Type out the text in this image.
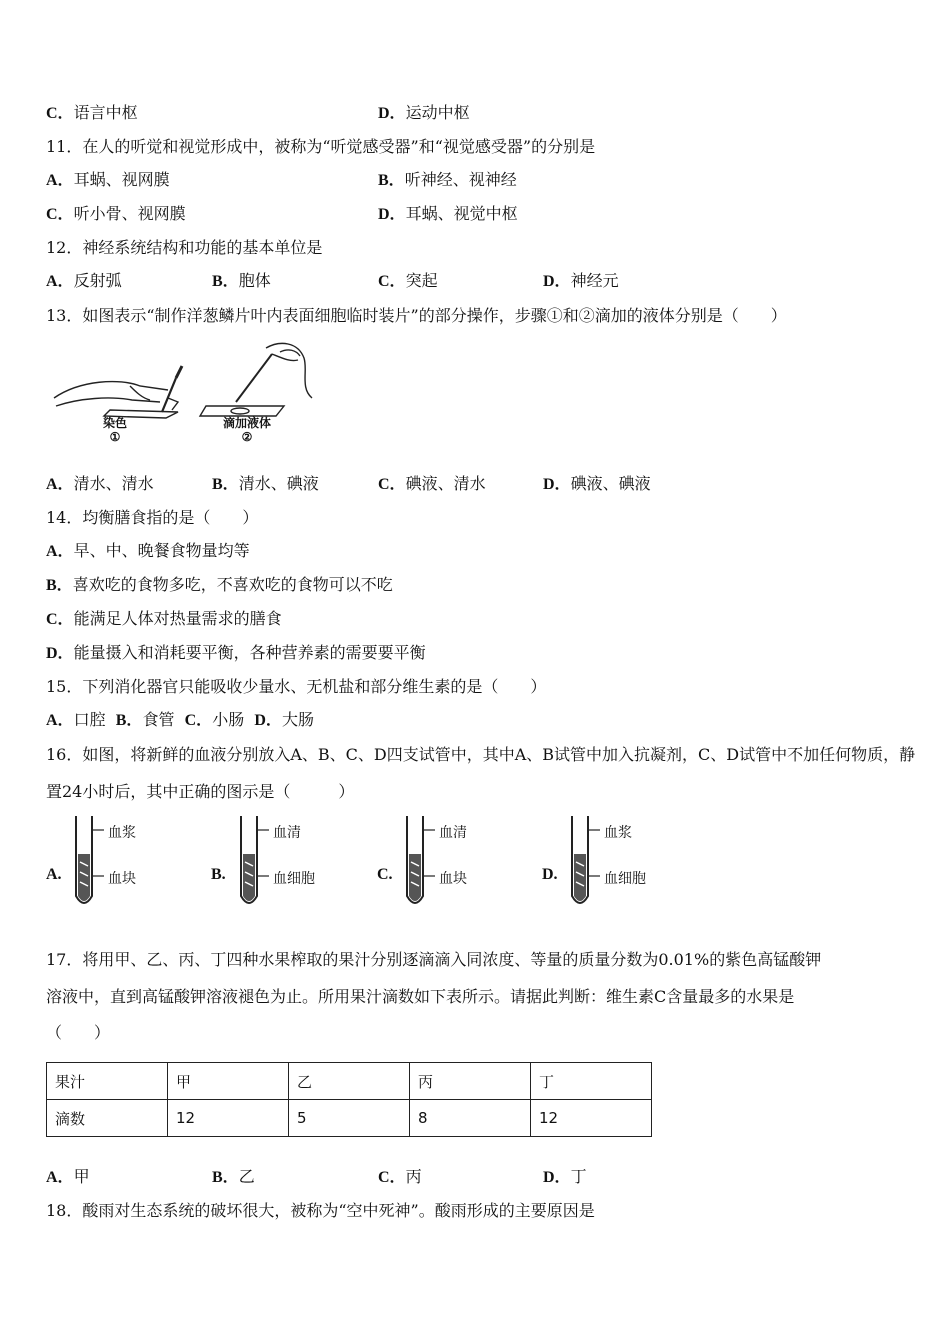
C．语言中枢	D．运动中枢
11．在人的听觉和视觉形成中，被称为“听觉感受器”和“视觉感受器”的分别是
A．耳蜗、视网膜	B．听神经、视神经
C．听小骨、视网膜	D．耳蜗、视觉中枢
12．神经系统结构和功能的基本单位是
A．反射弧	B．胞体	C．突起	D．神经元
13．如图表示“制作洋葱鳞片叶内表面细胞临时装片”的部分操作，步骤①和②滴加的液体分别是（　　）
染色
①
滴加液体
②
A．清水、清水	B．清水、碘液	C．碘液、清水	D．碘液、碘液
14．均衡膳食指的是（　　）
A．早、中、晚餐食物量均等
B．喜欢吃的食物多吃，不喜欢吃的食物可以不吃
C．能满足人体对热量需求的膳食
D．能量摄入和消耗要平衡，各种营养素的需要要平衡
15．下列消化器官只能吸收少量水、无机盐和部分维生素的是（　　）
A．口腔 B．食管 C．小肠 D．大肠
16．如图，将新鲜的血液分别放入A、B、C、D四支试管中，其中A、B试管中加入抗凝剂，C、D试管中不加任何物质，静
置24小时后，其中正确的图示是（　　　）
A.
血浆
血块	B.
血清
血细胞	C.
血清
血块	D.
血浆
血细胞
17．将用甲、乙、丙、丁四种水果榨取的果汁分别逐滴滴入同浓度、等量的质量分数为0.01%的紫色高锰酸钾
溶液中，直到高锰酸钾溶液褪色为止。所用果汁滴数如下表所示。请据此判断：维生素C含量最多的水果是
（　　）
果汁	甲	乙	丙	丁
滴数	12	5	8	12
A．甲	B．乙	C．丙	D．丁
18．酸雨对生态系统的破坏很大，被称为“空中死神”。酸雨形成的主要原因是
